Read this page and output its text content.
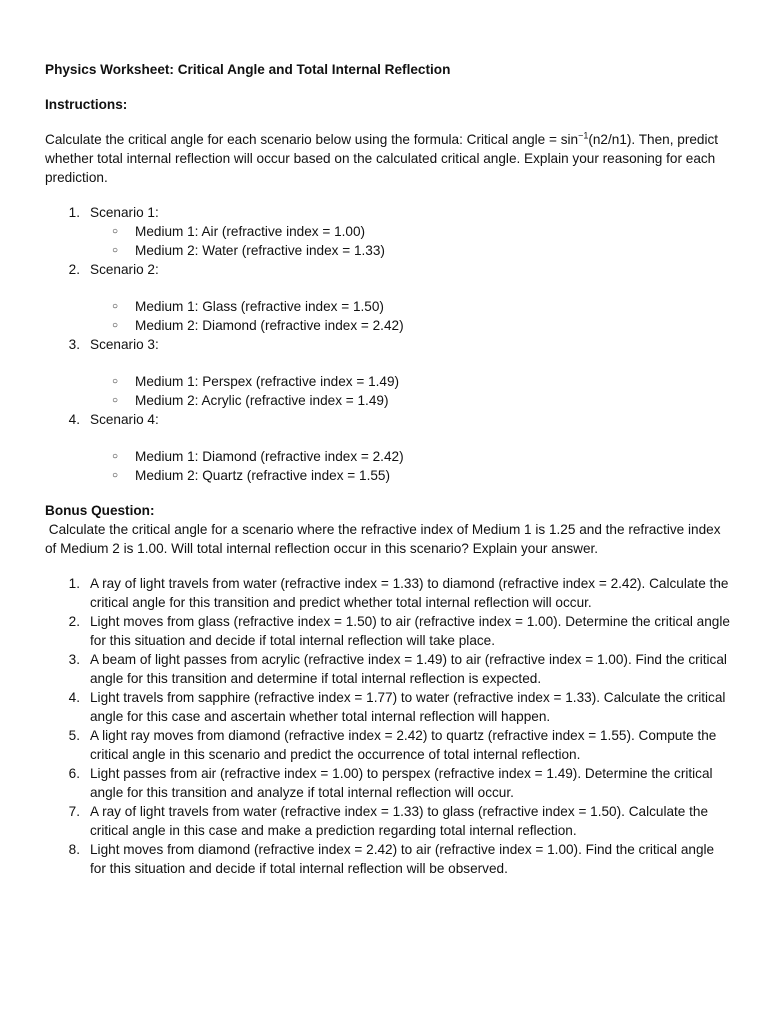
Physics Worksheet: Critical Angle and Total Internal Reflection
Instructions:
Calculate the critical angle for each scenario below using the formula: Critical angle = $\sin^{-1}(n2/n1)$. Then, predict whether total internal reflection will occur based on the calculated critical angle. Explain your reasoning for each prediction.
1. Scenario 1:
○ Medium 1: Air (refractive index = 1.00)
○ Medium 2: Water (refractive index = 1.33)
2. Scenario 2:
○ Medium 1: Glass (refractive index = 1.50)
○ Medium 2: Diamond (refractive index = 2.42)
3. Scenario 3:
○ Medium 1: Perspex (refractive index = 1.49)
○ Medium 2: Acrylic (refractive index = 1.49)
4. Scenario 4:
○ Medium 1: Diamond (refractive index = 2.42)
○ Medium 2: Quartz (refractive index = 1.55)
Bonus Question:
Calculate the critical angle for a scenario where the refractive index of Medium 1 is 1.25 and the refractive index of Medium 2 is 1.00. Will total internal reflection occur in this scenario? Explain your answer.
1. A ray of light travels from water (refractive index = 1.33) to diamond (refractive index = 2.42). Calculate the critical angle for this transition and predict whether total internal reflection will occur.
2. Light moves from glass (refractive index = 1.50) to air (refractive index = 1.00). Determine the critical angle for this situation and decide if total internal reflection will take place.
3. A beam of light passes from acrylic (refractive index = 1.49) to air (refractive index = 1.00). Find the critical angle for this transition and determine if total internal reflection is expected.
4. Light travels from sapphire (refractive index = 1.77) to water (refractive index = 1.33). Calculate the critical angle for this case and ascertain whether total internal reflection will happen.
5. A light ray moves from diamond (refractive index = 2.42) to quartz (refractive index = 1.55). Compute the critical angle in this scenario and predict the occurrence of total internal reflection.
6. Light passes from air (refractive index = 1.00) to perspex (refractive index = 1.49). Determine the critical angle for this transition and analyze if total internal reflection will occur.
7. A ray of light travels from water (refractive index = 1.33) to glass (refractive index = 1.50). Calculate the critical angle in this case and make a prediction regarding total internal reflection.
8. Light moves from diamond (refractive index = 2.42) to air (refractive index = 1.00). Find the critical angle for this situation and decide if total internal reflection will be observed.
